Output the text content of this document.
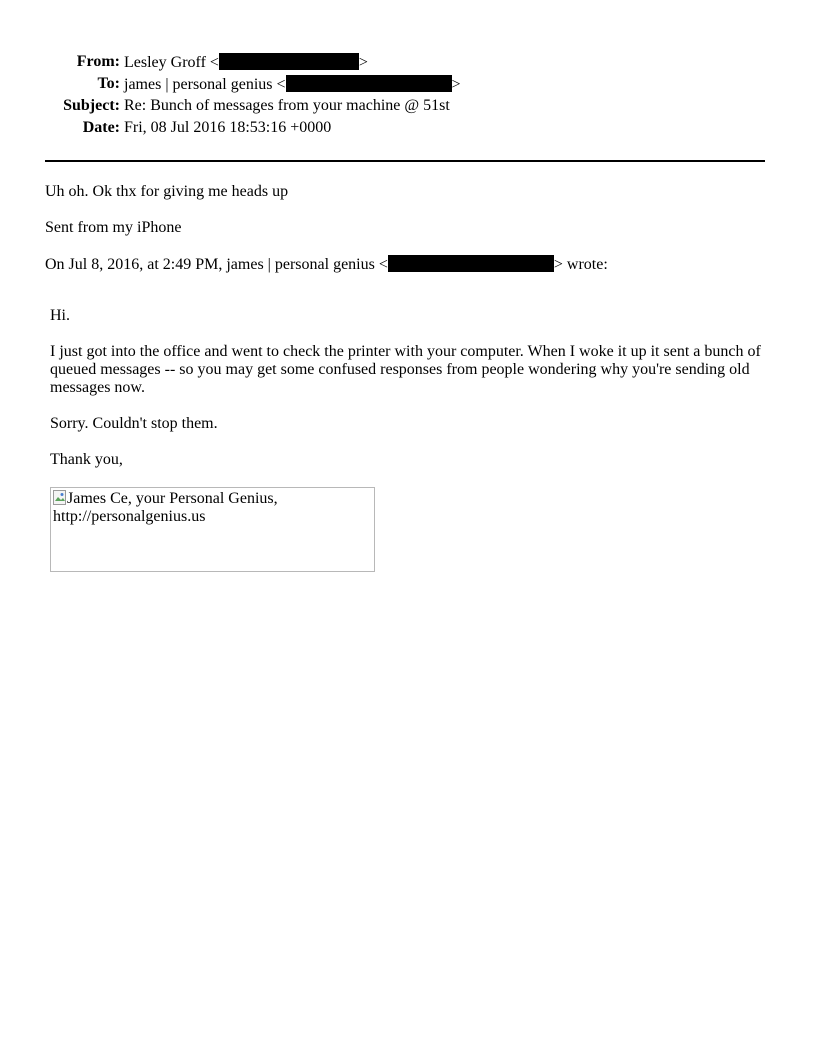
From: Lesley Groff <	>
To: james | personal genius <	>
Subject: Re: Bunch of messages from your machine @ 51st
Date: Fri, 08 Jul 2016 18:53:16 +0000
Uh oh. Ok thx for giving me heads up
Sent from my iPhone
On Jul 8, 2016, at 2:49 PM, james | personal genius <	> wrote:

Hi.

I just got into the office and went to check the printer with your computer. When I woke it up it sent a bunch of queued messages -- so you may get some confused responses from people wondering why you're sending old messages now.

Sorry. Couldn't stop them.

Thank you,

James Ce, your Personal Genius, http://personalgenius.us
